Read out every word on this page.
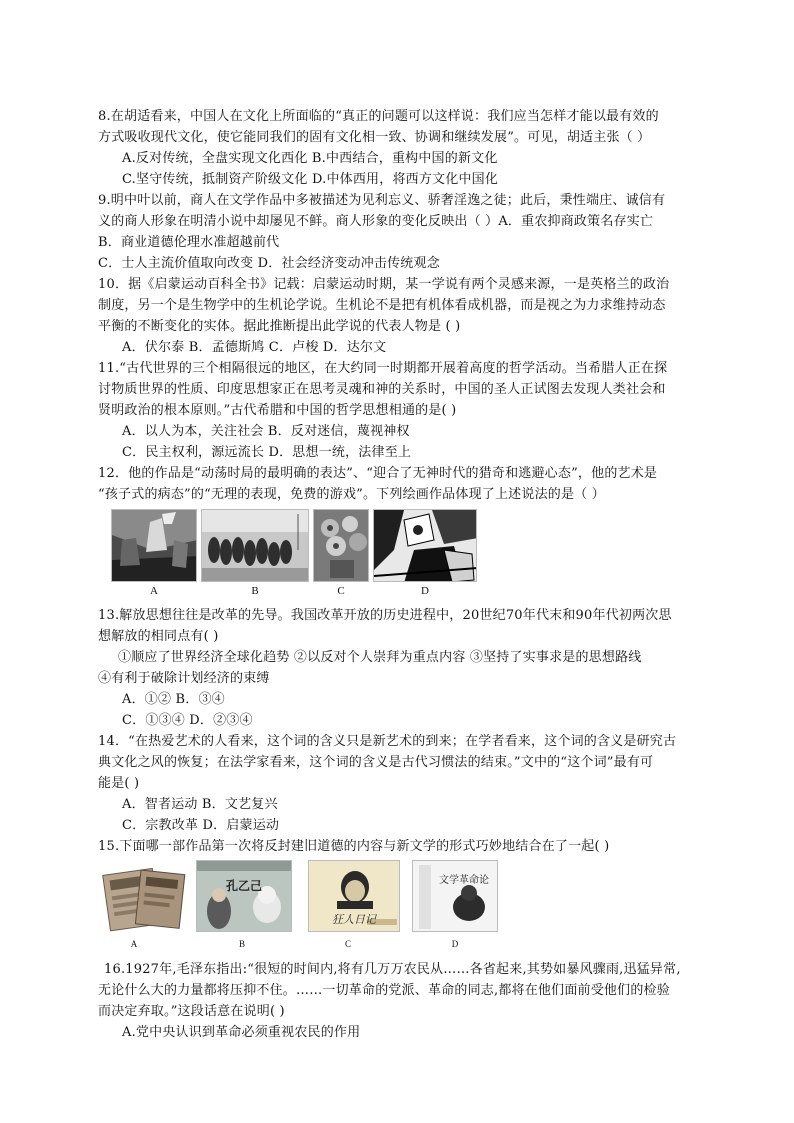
8.在胡适看来，中国人在文化上所面临的“真正的问题可以这样说：我们应当怎样才能以最有效的
方式吸收现代文化，使它能同我们的固有文化相一致、协调和继续发展”。可见，胡适主张（ ）
A.反对传统，全盘实现文化西化 B.中西结合，重构中国的新文化
C.坚守传统，抵制资产阶级文化 D.中体西用，将西方文化中国化
9.明中叶以前，商人在文学作品中多被描述为见利忘义、骄奢淫逸之徒；此后，秉性端庄、诚信有
义的商人形象在明清小说中却屡见不鲜。商人形象的变化反映出（ ）A．重农抑商政策名存实亡
B．商业道德伦理水准超越前代
C．士人主流价值取向改变 D．社会经济变动冲击传统观念
10．据《启蒙运动百科全书》记载：启蒙运动时期，某一学说有两个灵感来源，一是英格兰的政治
制度，另一个是生物学中的生机论学说。生机论不是把有机体看成机器，而是视之为力求维持动态
平衡的不断变化的实体。据此推断提出此学说的代表人物是 ( )
A．伏尔泰 B．孟德斯鸠 C．卢梭 D．达尔文
11.“古代世界的三个相隔很远的地区，在大约同一时期都开展着高度的哲学活动。当希腊人正在探
讨物质世界的性质、印度思想家正在思考灵魂和神的关系时，中国的圣人正试图去发现人类社会和
贤明政治的根本原则。”古代希腊和中国的哲学思想相通的是( )
A．以人为本，关注社会 B．反对迷信，蔑视神权
C．民主权利，源远流长 D．思想一统，法律至上
12．他的作品是“动荡时局的最明确的表达”、“迎合了无神时代的猎奇和逃避心态”，他的艺术是
“孩子式的病态”的“无理的表现，免费的游戏”。下列绘画作品体现了上述说法的是（ ）
A	B	C	D
13.解放思想往往是改革的先导。我国改革开放的历史进程中，20世纪70年代末和90年代初两次思
想解放的相同点有( )
①顺应了世界经济全球化趋势 ②以反对个人崇拜为重点内容 ③坚持了实事求是的思想路线
④有利于破除计划经济的束缚
A．①② B．③④
C．①③④ D．②③④
14．“在热爱艺术的人看来，这个词的含义只是新艺术的到来；在学者看来，这个词的含义是研究古
典文化之风的恢复；在法学家看来，这个词的含义是古代习惯法的结束。”文中的“这个词”最有可
能是( )
A．智者运动 B．文艺复兴
C．宗教改革 D．启蒙运动
15.下面哪一部作品第一次将反封建旧道德的内容与新文学的形式巧妙地结合在了一起( )
孔乙己
狂人日记
文学革命论
A	B	C	D
16.1927年,毛泽东指出:“很短的时间内,将有几万万农民从……各省起来,其势如暴风骤雨,迅猛异常,
无论什么大的力量都将压抑不住。……一切革命的党派、革命的同志,都将在他们面前受他们的检验
而决定弃取。”这段话意在说明( )
A.党中央认识到革命必须重视农民的作用
